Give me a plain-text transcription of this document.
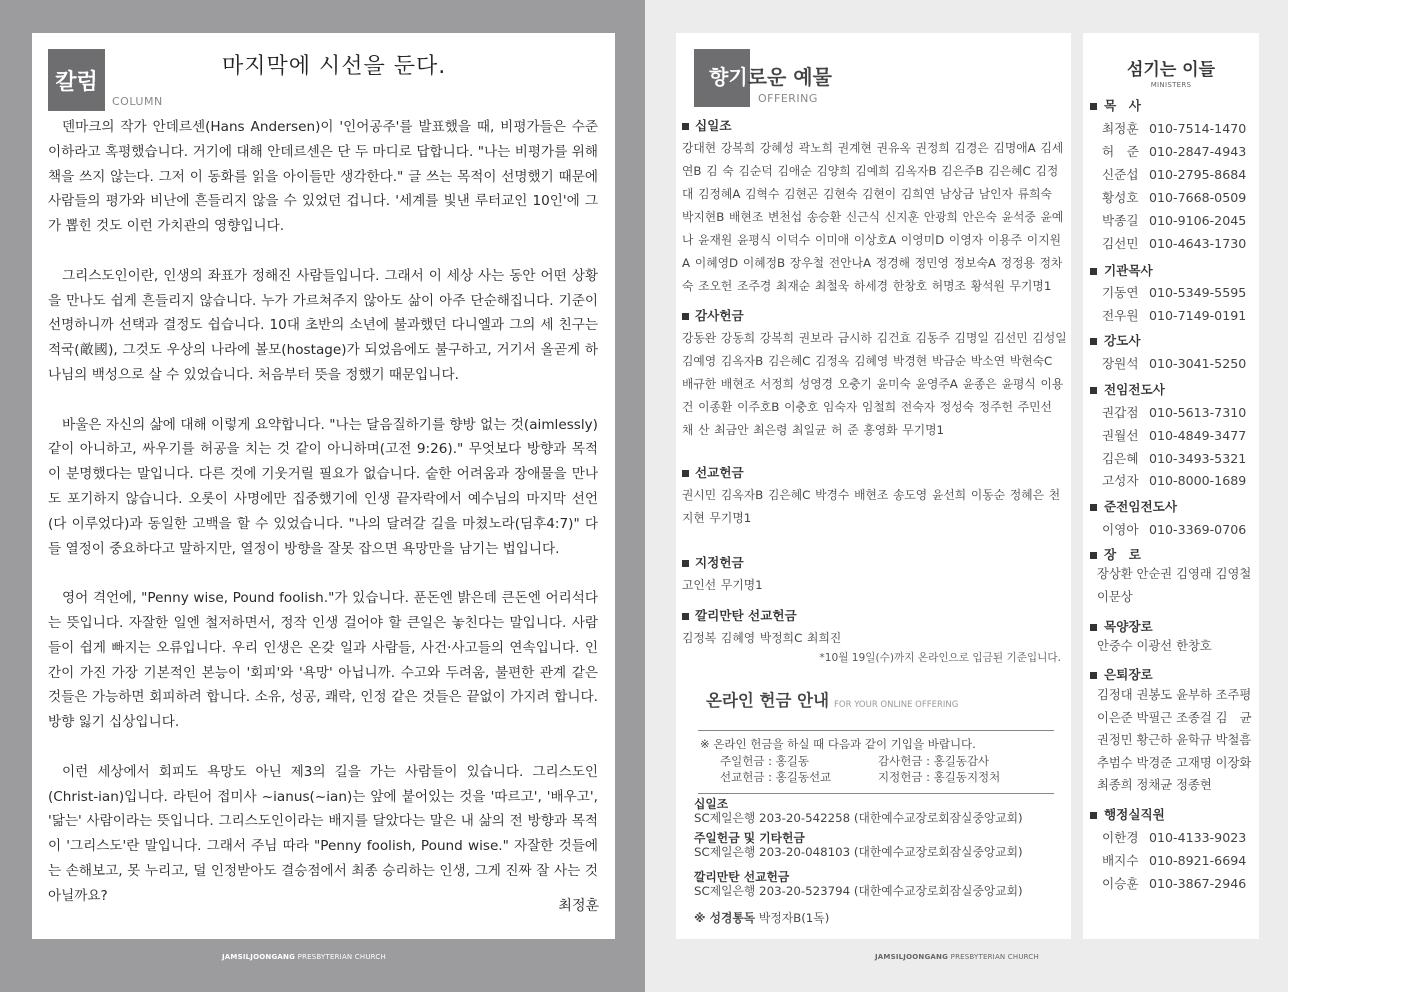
칼럼
COLUMN
마지막에 시선을 둔다.

덴마크의 작가 안데르센(Hans Andersen)이 '인어공주'를 발표했을 때, 비평가들은 수준 이하라고 혹평했습니다. 거기에 대해 안데르센은 단 두 마디로 답합니다. "나는 비평가를 위해 책을 쓰지 않는다. 그저 이 동화를 읽을 아이들만 생각한다." 글 쓰는 목적이 선명했기 때문에 사람들의 평가와 비난에 흔들리지 않을 수 있었던 겁니다. '세계를 빛낸 루터교인 10인'에 그가 뽑힌 것도 이런 가치관의 영향입니다.

그리스도인이란, 인생의 좌표가 정해진 사람들입니다. 그래서 이 세상 사는 동안 어떤 상황을 만나도 쉽게 흔들리지 않습니다. 누가 가르쳐주지 않아도 삶이 아주 단순해집니다. 기준이 선명하니까 선택과 결정도 쉽습니다. 10대 초반의 소년에 불과했던 다니엘과 그의 세 친구는 적국(敵國), 그것도 우상의 나라에 볼모(hostage)가 되었음에도 불구하고, 거기서 올곧게 하나님의 백성으로 살 수 있었습니다. 처음부터 뜻을 정했기 때문입니다.

바울은 자신의 삶에 대해 이렇게 요약합니다. "나는 달음질하기를 향방 없는 것(aimlessly) 같이 아니하고, 싸우기를 허공을 치는 것 같이 아니하며(고전 9:26)." 무엇보다 방향과 목적이 분명했다는 말입니다. 다른 것에 기웃거릴 필요가 없습니다. 숱한 어려움과 장애물을 만나도 포기하지 않습니다. 오롯이 사명에만 집중했기에 인생 끝자락에서 예수님의 마지막 선언(다 이루었다)과 동일한 고백을 할 수 있었습니다. "나의 달려갈 길을 마쳤노라(딤후4:7)" 다들 열정이 중요하다고 말하지만, 열정이 방향을 잘못 잡으면 욕망만을 남기는 법입니다.

영어 격언에, "Penny wise, Pound foolish."가 있습니다. 푼돈엔 밝은데 큰돈엔 어리석다는 뜻입니다. 자잘한 일엔 철저하면서, 정작 인생 걸어야 할 큰일은 놓친다는 말입니다. 사람들이 쉽게 빠지는 오류입니다. 우리 인생은 온갖 일과 사람들, 사건·사고들의 연속입니다. 인간이 가진 가장 기본적인 본능이 '회피'와 '욕망' 아닙니까. 수고와 두려움, 불편한 관계 같은 것들은 가능하면 회피하려 합니다. 소유, 성공, 쾌락, 인정 같은 것들은 끝없이 가지려 합니다. 방향 잃기 십상입니다.

이런 세상에서 회피도 욕망도 아닌 제3의 길을 가는 사람들이 있습니다. 그리스도인(Christ-ian)입니다. 라틴어 접미사 ~ianus(~ian)는 앞에 붙어있는 것을 '따르고', '배우고', '닮는' 사람이라는 뜻입니다. 그리스도인이라는 배지를 달았다는 말은 내 삶의 전 방향과 목적이 '그리스도'란 말입니다. 그래서 주님 따라 "Penny foolish, Pound wise." 자잘한 것들에는 손해보고, 못 누리고, 덜 인정받아도 결승점에서 최종 승리하는 인생, 그게 진짜 잘 사는 것 아닐까요?

최정훈
JAMSILJOONGANG PRESBYTERIAN CHURCH
향기로운 예물
OFFERING
십일조
강대현 강복희 강혜성 곽노희 권계현 권유옥 권정희 김경은 김명애A 김세연B 김 숙 김순덕 김애순 김양희 김예희 김옥자B 김은주B 김은혜C 김정대 김정혜A 김혁수 김현곤 김현숙 김현이 김희연 남상금 남인자 류희숙 박지현B 배현조 변천섭 송승환 신근식 신지훈 안광희 안은숙 윤석중 윤예나 윤재원 윤평식 이덕수 이미애 이상호A 이영미D 이영자 이용주 이지원A 이혜영D 이혜정B 장우철 전안나A 정경해 정민영 정보숙A 정정용 정차숙 조오헌 조주경 최재순 최철욱 하세경 한창호 허명조 황석원 무기명1
감사헌금
강동완 강동희 강복희 권보라 금시하 김건효 김동주 김명일 김선민 김성일 김예영 김옥자B 김은혜C 김정옥 김혜영 박경현 박금순 박소연 박현숙C 배규한 배현조 서정희 성영경 오충기 윤미숙 윤영주A 윤종은 윤평식 이용건 이종환 이주호B 이충호 임숙자 임철희 전숙자 정성숙 정주헌 주민선 채 산 최금안 최은령 최일균 허 준 홍영화 무기명1
선교헌금
권시민 김옥자B 김은혜C 박경수 배현조 송도영 윤선희 이동순 정혜은 천지현 무기명1
지정헌금
고인선 무기명1
깔리만탄 선교헌금
김정복 김혜영 박정희C 최희진
*10월 19일(수)까지 온라인으로 입금된 기준입니다.
온라인 헌금 안내 FOR YOUR ONLINE OFFERING
※ 온라인 헌금을 하실 때 다음과 같이 기입을 바랍니다.
주일헌금 : 홍길동	감사헌금 : 홍길동감사
선교헌금 : 홍길동선교	지정헌금 : 홍길동지정처
십일조
SC제일은행 203-20-542258 (대한예수교장로회잠실중앙교회)
주일헌금 및 기타헌금
SC제일은행 203-20-048103 (대한예수교장로회잠실중앙교회)
깔리만탄 선교헌금
SC제일은행 203-20-523794 (대한예수교장로회잠실중앙교회)
※ 성경통독 박정자B(1독)
섬기는 이들
MINISTERS
목　사
최정훈 010-7514-1470
허　준 010-2847-4943
신준섭 010-2795-8684
황성호 010-7668-0509
박종길 010-9106-2045
김선민 010-4643-1730
기관목사
기동연 010-5349-5595
전우원 010-7149-0191
강도사
장원석 010-3041-5250
전임전도사
권갑점 010-5613-7310
권월선 010-4849-3477
김은혜 010-3493-5321
고성자 010-8000-1689
준전임전도사
이영아 010-3369-0706
장　로
장상환 안순권 김영래 김영철 이문상
목양장로
안중수 이광선 한창호
은퇴장로
김정대 권봉도 윤부하 조주평 이은준 박필근 조종걸 김　균 권정민 황근하 윤학규 박철흠 추범수 박경준 고재명 이장화 최종희 정채균 정종현
행정실직원
이한경 010-4133-9023
배지수 010-8921-6694
이승훈 010-3867-2946
JAMSILJOONGANG PRESBYTERIAN CHURCH
